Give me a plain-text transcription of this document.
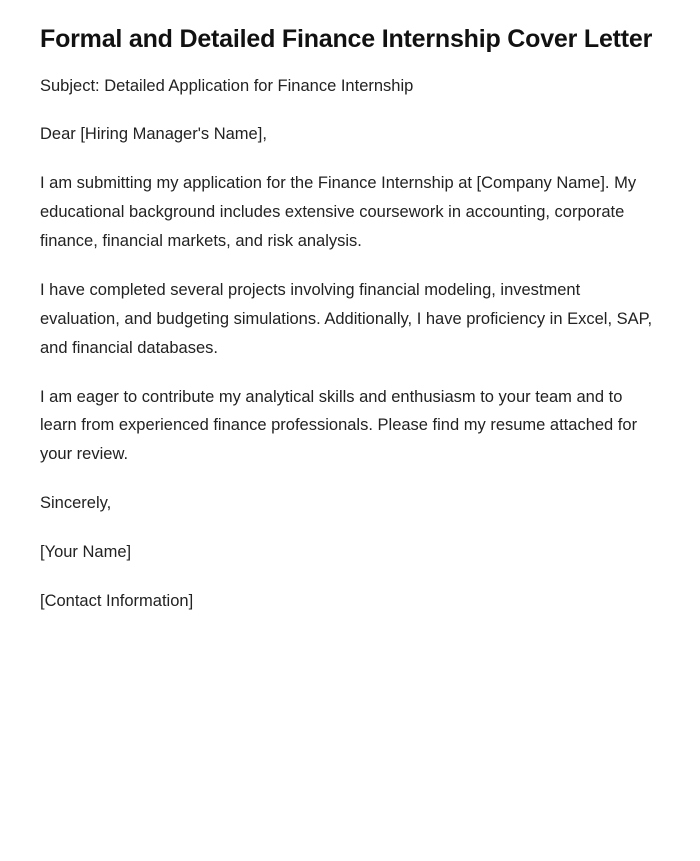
Formal and Detailed Finance Internship Cover Letter

Subject: Detailed Application for Finance Internship

Dear [Hiring Manager's Name],

I am submitting my application for the Finance Internship at [Company Name]. My educational background includes extensive coursework in accounting, corporate finance, financial markets, and risk analysis.

I have completed several projects involving financial modeling, investment evaluation, and budgeting simulations. Additionally, I have proficiency in Excel, SAP, and financial databases.

I am eager to contribute my analytical skills and enthusiasm to your team and to learn from experienced finance professionals. Please find my resume attached for your review.

Sincerely,

[Your Name]

[Contact Information]
